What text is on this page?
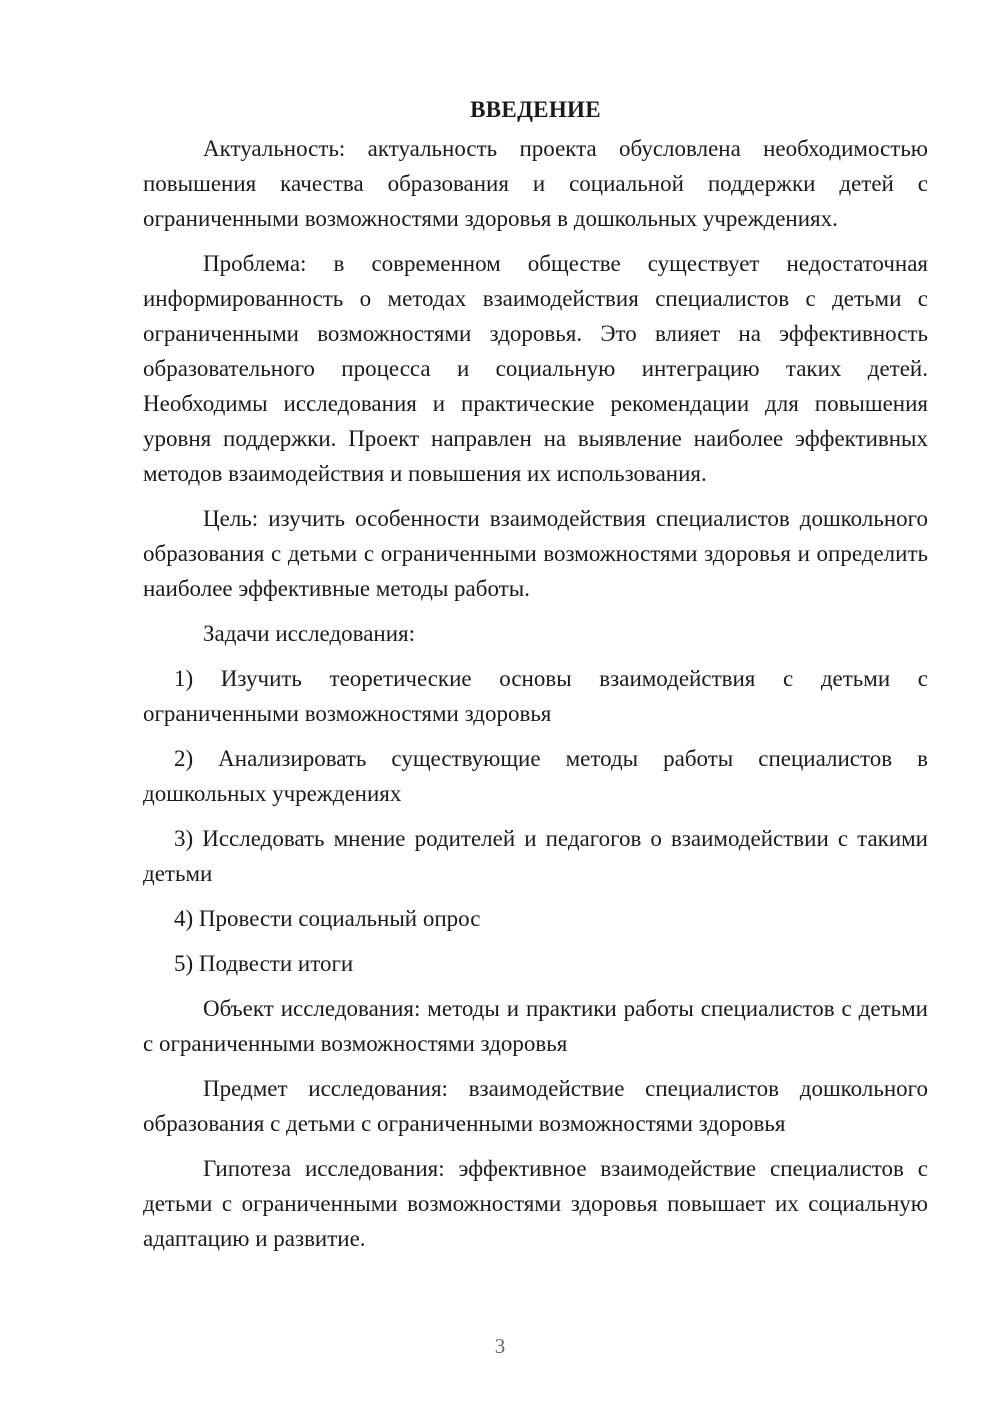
ВВЕДЕНИЕ

Актуальность: актуальность проекта обусловлена необходимостью повышения качества образования и социальной поддержки детей с ограниченными возможностями здоровья в дошкольных учреждениях.

Проблема: в современном обществе существует недостаточная информированность о методах взаимодействия специалистов с детьми с ограниченными возможностями здоровья. Это влияет на эффективность образовательного процесса и социальную интеграцию таких детей. Необходимы исследования и практические рекомендации для повышения уровня поддержки. Проект направлен на выявление наиболее эффективных методов взаимодействия и повышения их использования.

Цель: изучить особенности взаимодействия специалистов дошкольного образования с детьми с ограниченными возможностями здоровья и определить наиболее эффективные методы работы.

Задачи исследования:

1) Изучить теоретические основы взаимодействия с детьми с ограниченными возможностями здоровья

2) Анализировать существующие методы работы специалистов в дошкольных учреждениях

3) Исследовать мнение родителей и педагогов о взаимодействии с такими детьми

4) Провести социальный опрос

5) Подвести итоги

Объект исследования: методы и практики работы специалистов с детьми с ограниченными возможностями здоровья

Предмет исследования: взаимодействие специалистов дошкольного образования с детьми с ограниченными возможностями здоровья

Гипотеза исследования: эффективное взаимодействие специалистов с детьми с ограниченными возможностями здоровья повышает их социальную адаптацию и развитие.

3
